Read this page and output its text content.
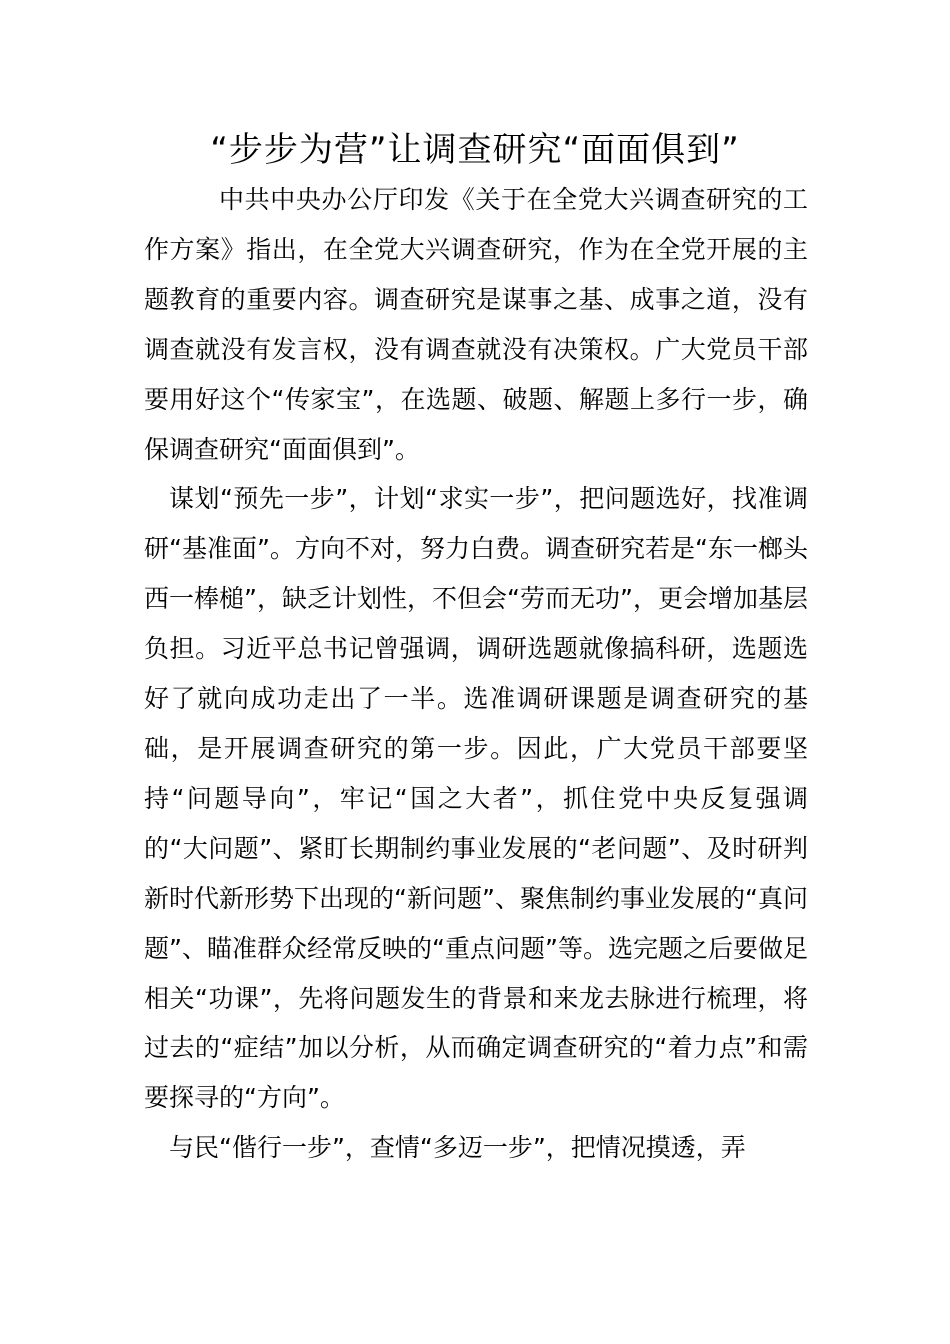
“步步为营”让调查研究“面面俱到”

中共中央办公厅印发《关于在全党大兴调查研究的工作方案》指出，在全党大兴调查研究，作为在全党开展的主题教育的重要内容。调查研究是谋事之基、成事之道，没有调查就没有发言权，没有调查就没有决策权。广大党员干部要用好这个“传家宝”，在选题、破题、解题上多行一步，确保调查研究“面面俱到”。

谋划“预先一步”，计划“求实一步”，把问题选好，找准调研“基准面”。方向不对，努力白费。调查研究若是“东一榔头西一棒槌”，缺乏计划性，不但会“劳而无功”，更会增加基层负担。习近平总书记曾强调，调研选题就像搞科研，选题选好了就向成功走出了一半。选准调研课题是调查研究的基础，是开展调查研究的第一步。因此，广大党员干部要坚持“问题导向”，牢记“国之大者”，抓住党中央反复强调的“大问题”、紧盯长期制约事业发展的“老问题”、及时研判新时代新形势下出现的“新问题”、聚焦制约事业发展的“真问题”、瞄准群众经常反映的“重点问题”等。选完题之后要做足相关“功课”，先将问题发生的背景和来龙去脉进行梳理，将过去的“症结”加以分析，从而确定调查研究的“着力点”和需要探寻的“方向”。

与民“偕行一步”，查情“多迈一步”，把情况摸透，弄
